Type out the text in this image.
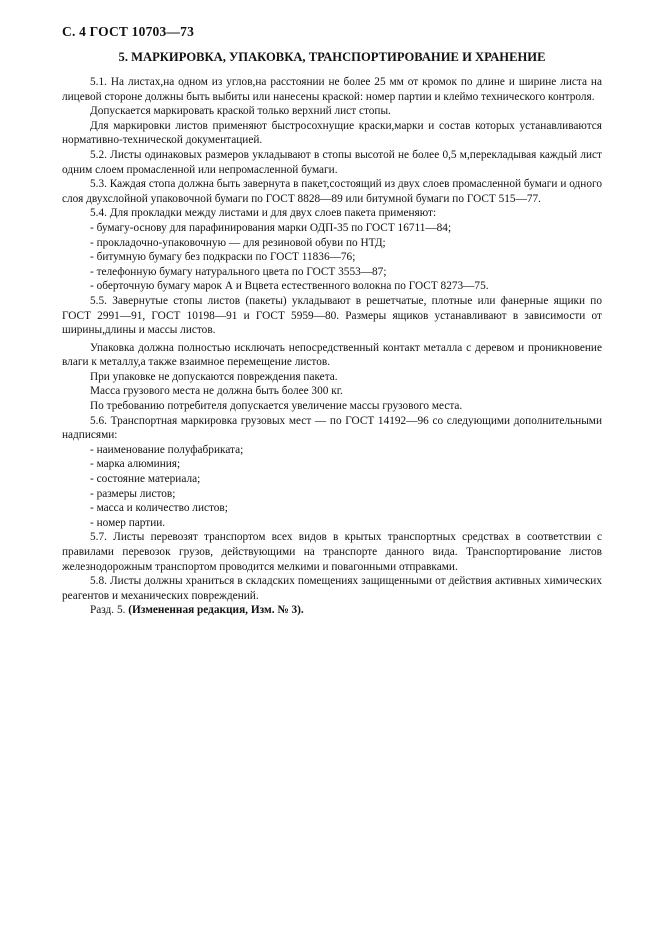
С. 4 ГОСТ 10703—73
5. МАРКИРОВКА, УПАКОВКА, ТРАНСПОРТИРОВАНИЕ И ХРАНЕНИЕ

5.1. На листах,на одном из углов,на расстоянии не более 25 мм от кромок по длине и ширине листа на лицевой стороне должны быть выбиты или нанесены краской: номер партии и клеймо технического контроля.

Допускается маркировать краской только верхний лист стопы.

Для маркировки листов применяют быстросохнущие краски,марки и состав которых устанавливаются нормативно-технической документацией.

5.2. Листы одинаковых размеров укладывают в стопы высотой не более 0,5 м,перекладывая каждый лист одним слоем промасленной или непромасленной бумаги.

5.3. Каждая стопа должна быть завернута в пакет,состоящий из двух слоев промасленной бумаги и одного слоя двухслойной упаковочной бумаги по ГОСТ 8828—89 или битумной бумаги по ГОСТ 515—77.

5.4. Для прокладки между листами и для двух слоев пакета применяют:

- бумагу-основу для парафинирования марки ОДП-35 по ГОСТ 16711—84;

- прокладочно-упаковочную — для резиновой обуви по НТД;

- битумную бумагу без подкраски по ГОСТ 11836—76;

- телефонную бумагу натурального цвета по ГОСТ 3553—87;

- оберточную бумагу марок А и Вцвета естественного волокна по ГОСТ 8273—75.

5.5. Завернутые стопы листов (пакеты) укладывают в решетчатые, плотные или фанерные ящики по ГОСТ 2991—91, ГОСТ 10198—91 и ГОСТ 5959—80. Размеры ящиков устанавливают в зависимости от ширины,длины и массы листов.

Упаковка должна полностью исключать непосредственный контакт металла с деревом и проникновение влаги к металлу,а также взаимное перемещение листов.

При упаковке не допускаются повреждения пакета.

Масса грузового места не должна быть более 300 кг.

По требованию потребителя допускается увеличение массы грузового места.

5.6. Транспортная маркировка грузовых мест — по ГОСТ 14192—96 со следующими дополнительными надписями:

- наименование полуфабриката;

- марка алюминия;

- состояние материала;

- размеры листов;

- масса и количество листов;

- номер партии.

5.7. Листы перевозят транспортом всех видов в крытых транспортных средствах в соответствии с правилами перевозок грузов, действующими на транспорте данного вида. Транспортирование листов железнодорожным транспортом проводится мелкими и повагонными отправками.

5.8. Листы должны храниться в складских помещениях защищенными от действия активных химических реагентов и механических повреждений.

Разд. 5. (Измененная редакция, Изм. № 3).
